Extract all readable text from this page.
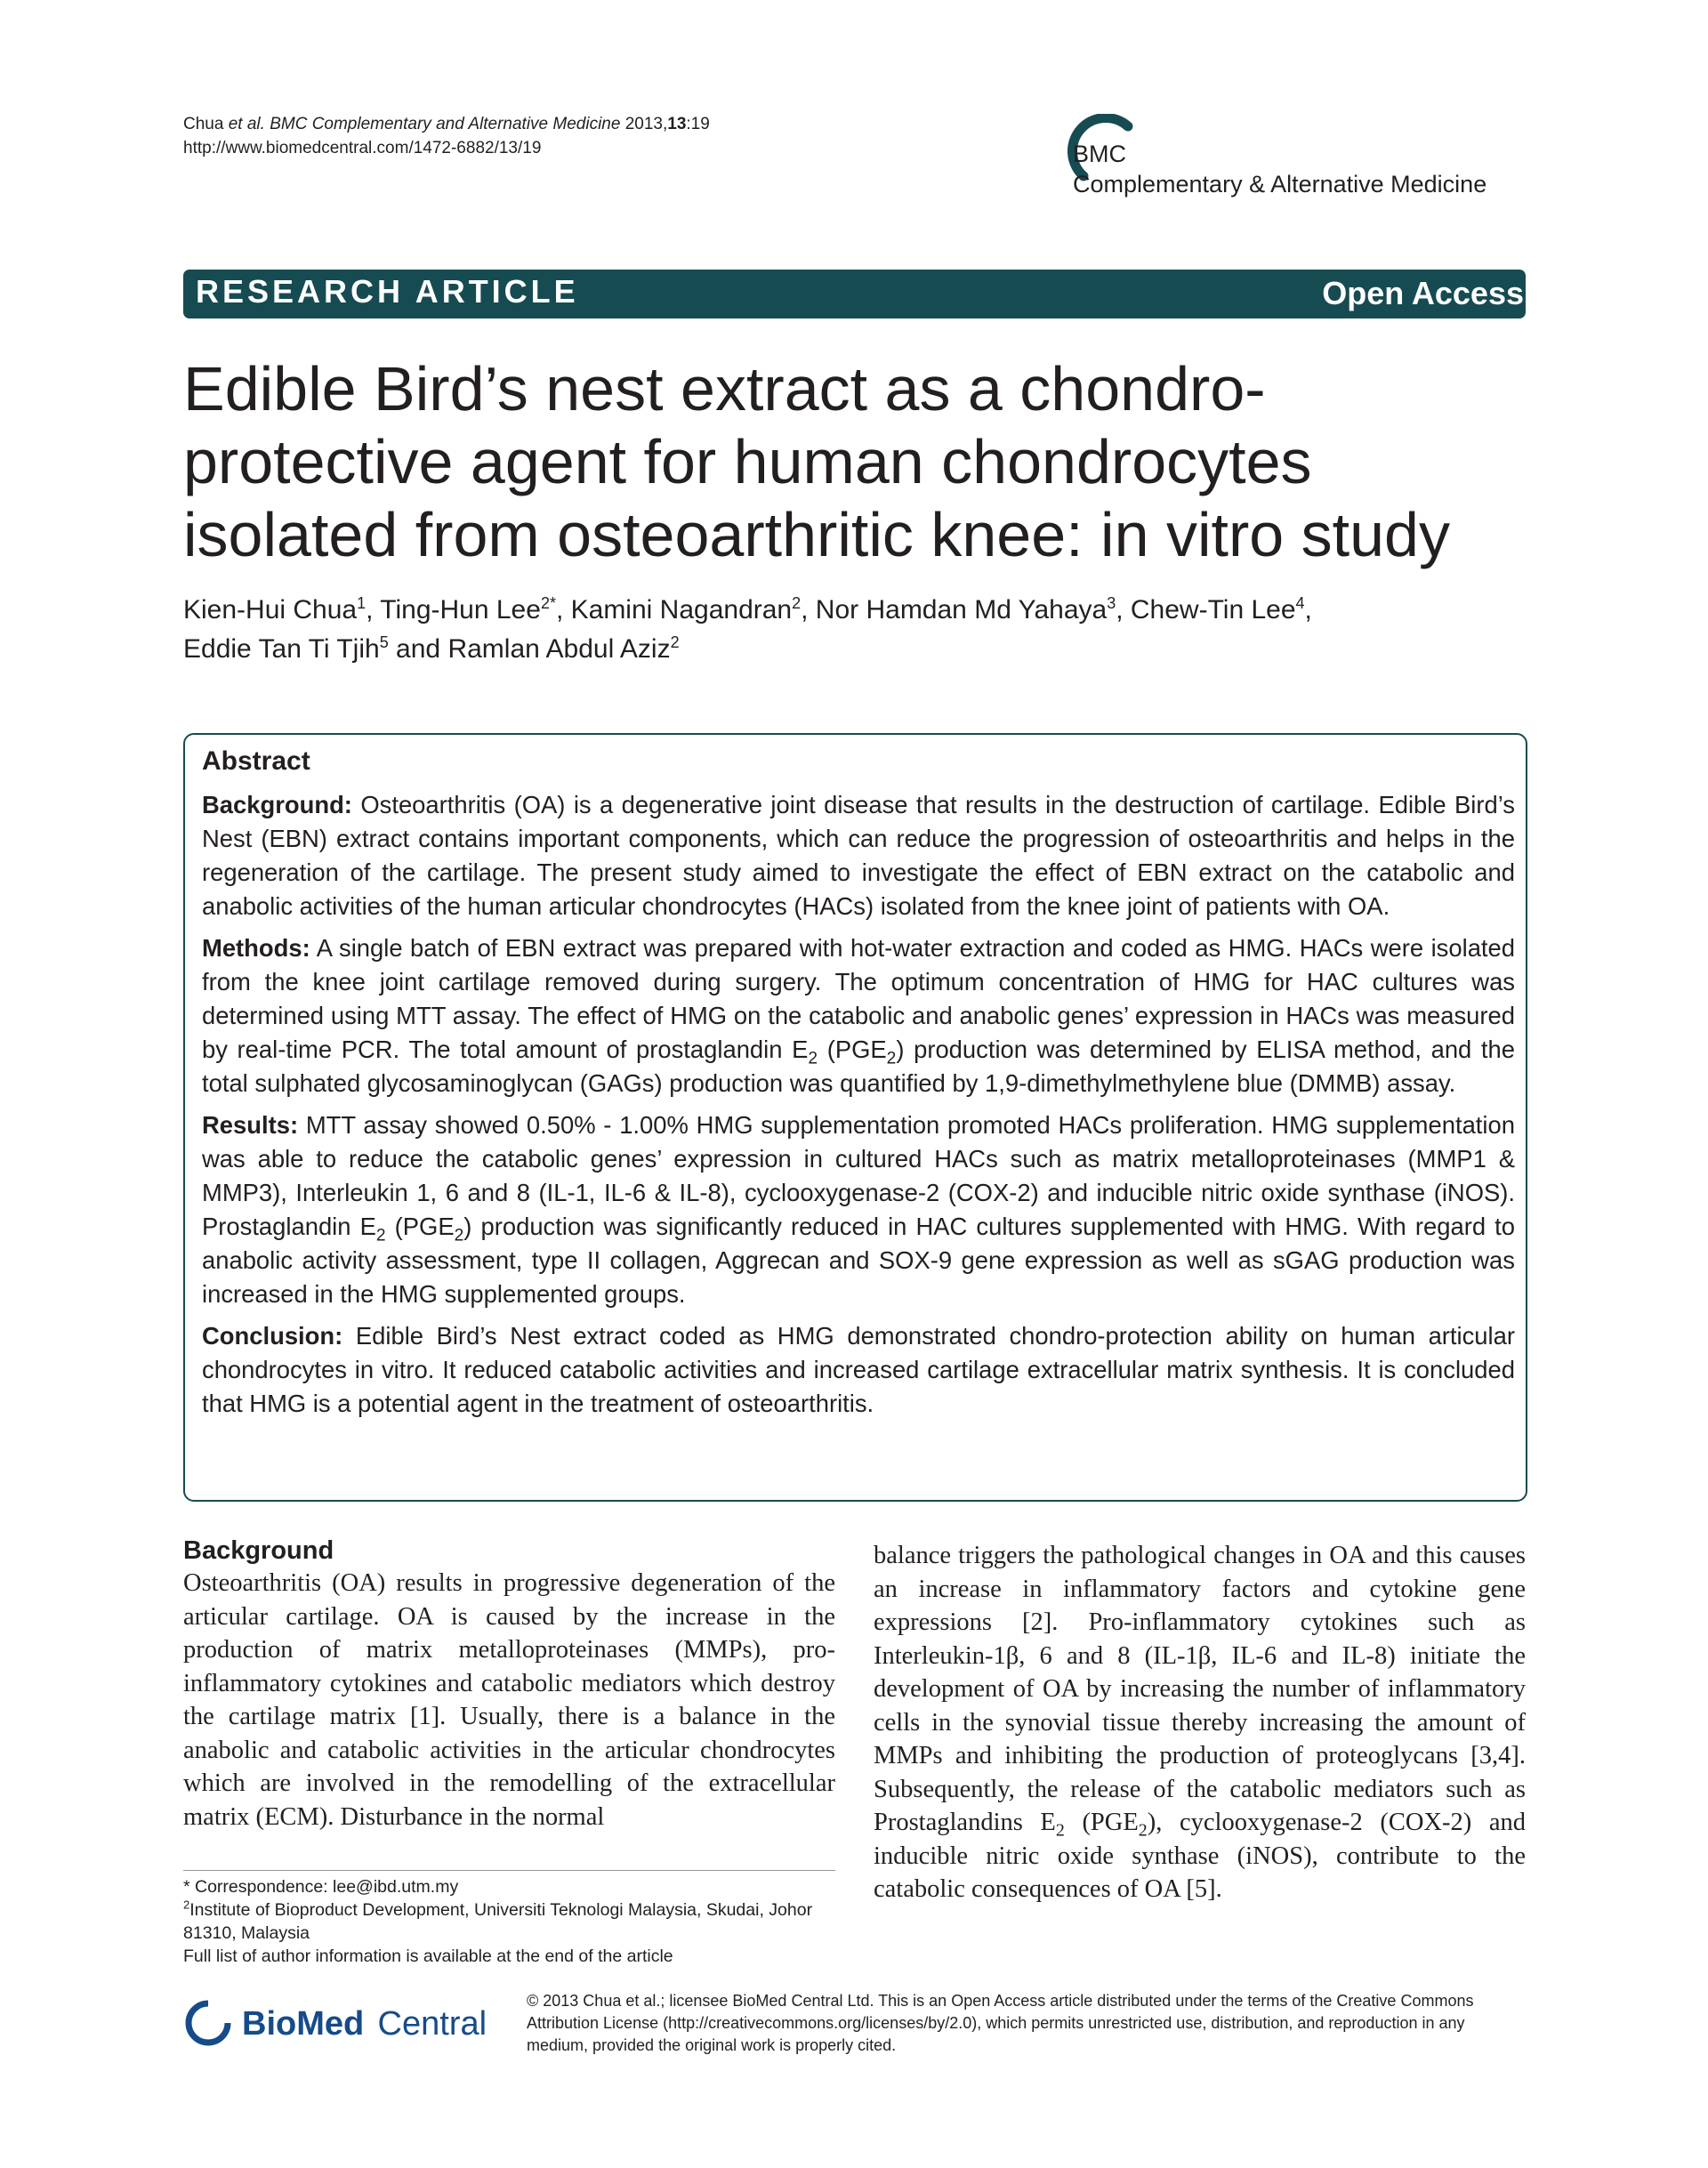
Chua et al. BMC Complementary and Alternative Medicine 2013,13:19
http://www.biomedcentral.com/1472-6882/13/19	BMC
Complementary & Alternative Medicine
RESEARCH ARTICLE	Open Access
Edible Bird’s nest extract as a chondro-protective agent for human chondrocytes isolated from osteoarthritic knee: in vitro study
Kien-Hui Chua$^1$, Ting-Hun Lee$^{2*}$, Kamini Nagandran$^2$, Nor Hamdan Md Yahaya$^3$, Chew-Tin Lee$^4$,
Eddie Tan Ti Tjih$^5$ and Ramlan Abdul Aziz$^2$
Abstract

Background: Osteoarthritis (OA) is a degenerative joint disease that results in the destruction of cartilage. Edible Bird’s Nest (EBN) extract contains important components, which can reduce the progression of osteoarthritis and helps in the regeneration of the cartilage. The present study aimed to investigate the effect of EBN extract on the catabolic and anabolic activities of the human articular chondrocytes (HACs) isolated from the knee joint of patients with OA.

Methods: A single batch of EBN extract was prepared with hot-water extraction and coded as HMG. HACs were isolated from the knee joint cartilage removed during surgery. The optimum concentration of HMG for HAC cultures was determined using MTT assay. The effect of HMG on the catabolic and anabolic genes’ expression in HACs was measured by real-time PCR. The total amount of prostaglandin $E_2$ $(PGE_2)$ production was determined by ELISA method, and the total sulphated glycosaminoglycan (GAGs) production was quantified by 1,9-dimethylmethylene blue (DMMB) assay.

Results: MTT assay showed 0.50% - 1.00% HMG supplementation promoted HACs proliferation. HMG supplementation was able to reduce the catabolic genes’ expression in cultured HACs such as matrix metalloproteinases (MMP1 & MMP3), Interleukin 1, 6 and 8 (IL-1, IL-6 & IL-8), cyclooxygenase-2 (COX-2) and inducible nitric oxide synthase (iNOS). Prostaglandin $E_2$ $(PGE_2)$ production was significantly reduced in HAC cultures supplemented with HMG. With regard to anabolic activity assessment, type II collagen, Aggrecan and SOX-9 gene expression as well as sGAG production was increased in the HMG supplemented groups.

Conclusion: Edible Bird’s Nest extract coded as HMG demonstrated chondro-protection ability on human articular chondrocytes in vitro. It reduced catabolic activities and increased cartilage extracellular matrix synthesis. It is concluded that HMG is a potential agent in the treatment of osteoarthritis.

Background

Osteoarthritis (OA) results in progressive degeneration of the articular cartilage. OA is caused by the increase in the production of matrix metalloproteinases (MMPs), pro-inflammatory cytokines and catabolic mediators which destroy the cartilage matrix [1]. Usually, there is a balance in the anabolic and catabolic activities in the articular chondrocytes which are involved in the remodelling of the extracellular matrix (ECM). Disturbance in the normal

balance triggers the pathological changes in OA and this causes an increase in inflammatory factors and cytokine gene expressions [2]. Pro-inflammatory cytokines such as Interleukin-1β, 6 and 8 (IL-1β, IL-6 and IL-8) initiate the development of OA by increasing the number of inflammatory cells in the synovial tissue thereby increasing the amount of MMPs and inhibiting the production of proteoglycans [3,4]. Subsequently, the release of the catabolic mediators such as Prostaglandins $E_2$ $(PGE_2)$, cyclooxygenase-2 (COX-2) and inducible nitric oxide synthase (iNOS), contribute to the catabolic consequences of OA [5].

* Correspondence: lee@ibd.utm.my

$^2$Institute of Bioproduct Development, Universiti Teknologi Malaysia, Skudai, Johor 81310, Malaysia

Full list of author information is available at the end of the article

BioMed Central
© 2013 Chua et al.; licensee BioMed Central Ltd. This is an Open Access article distributed under the terms of the Creative Commons Attribution License (http://creativecommons.org/licenses/by/2.0), which permits unrestricted use, distribution, and reproduction in any medium, provided the original work is properly cited.
